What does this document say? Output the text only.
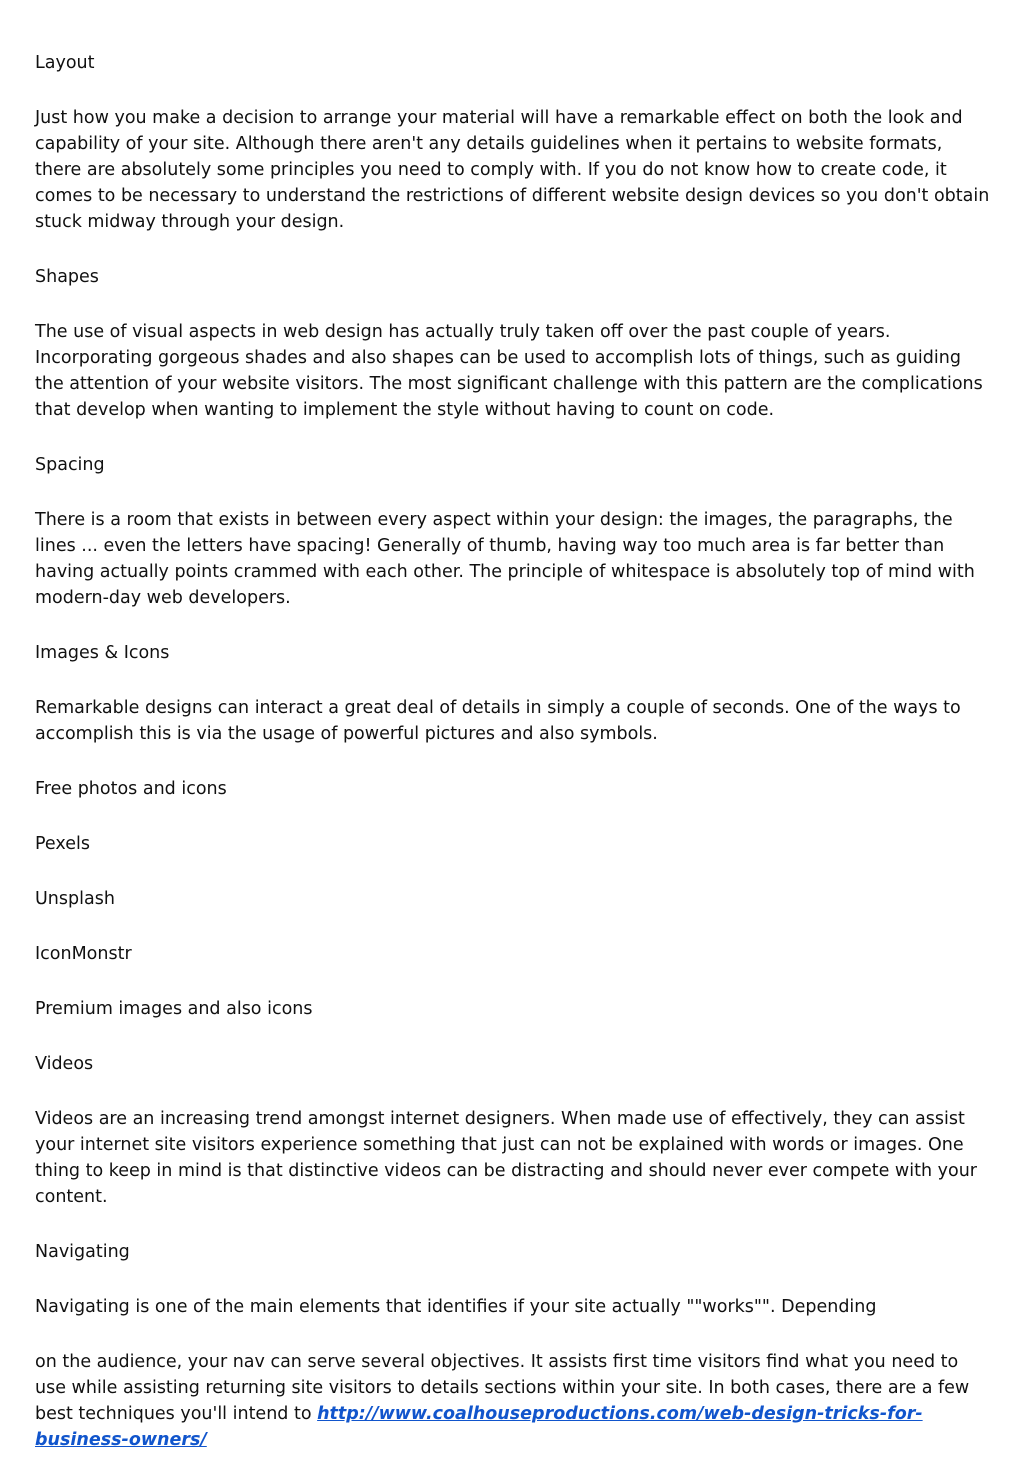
Layout

Just how you make a decision to arrange your material will have a remarkable effect on both the look and capability of your site. Although there aren't any details guidelines when it pertains to website formats, there are absolutely some principles you need to comply with. If you do not know how to create code, it comes to be necessary to understand the restrictions of different website design devices so you don't obtain stuck midway through your design.

Shapes

The use of visual aspects in web design has actually truly taken off over the past couple of years. Incorporating gorgeous shades and also shapes can be used to accomplish lots of things, such as guiding the attention of your website visitors. The most significant challenge with this pattern are the complications that develop when wanting to implement the style without having to count on code.

Spacing

There is a room that exists in between every aspect within your design: the images, the paragraphs, the lines ... even the letters have spacing! Generally of thumb, having way too much area is far better than having actually points crammed with each other. The principle of whitespace is absolutely top of mind with modern-day web developers.

Images & Icons

Remarkable designs can interact a great deal of details in simply a couple of seconds. One of the ways to accomplish this is via the usage of powerful pictures and also symbols.

Free photos and icons

Pexels

Unsplash

IconMonstr

Premium images and also icons

Videos

Videos are an increasing trend amongst internet designers. When made use of effectively, they can assist your internet site visitors experience something that just can not be explained with words or images. One thing to keep in mind is that distinctive videos can be distracting and should never ever compete with your content.

Navigating

Navigating is one of the main elements that identifies if your site actually ""works"". Depending

on the audience, your nav can serve several objectives. It assists first time visitors find what you need to use while assisting returning site visitors to details sections within your site. In both cases, there are a few best techniques you'll intend to http://www.coalhouseproductions.com/web-design-tricks-for-business-owners/
